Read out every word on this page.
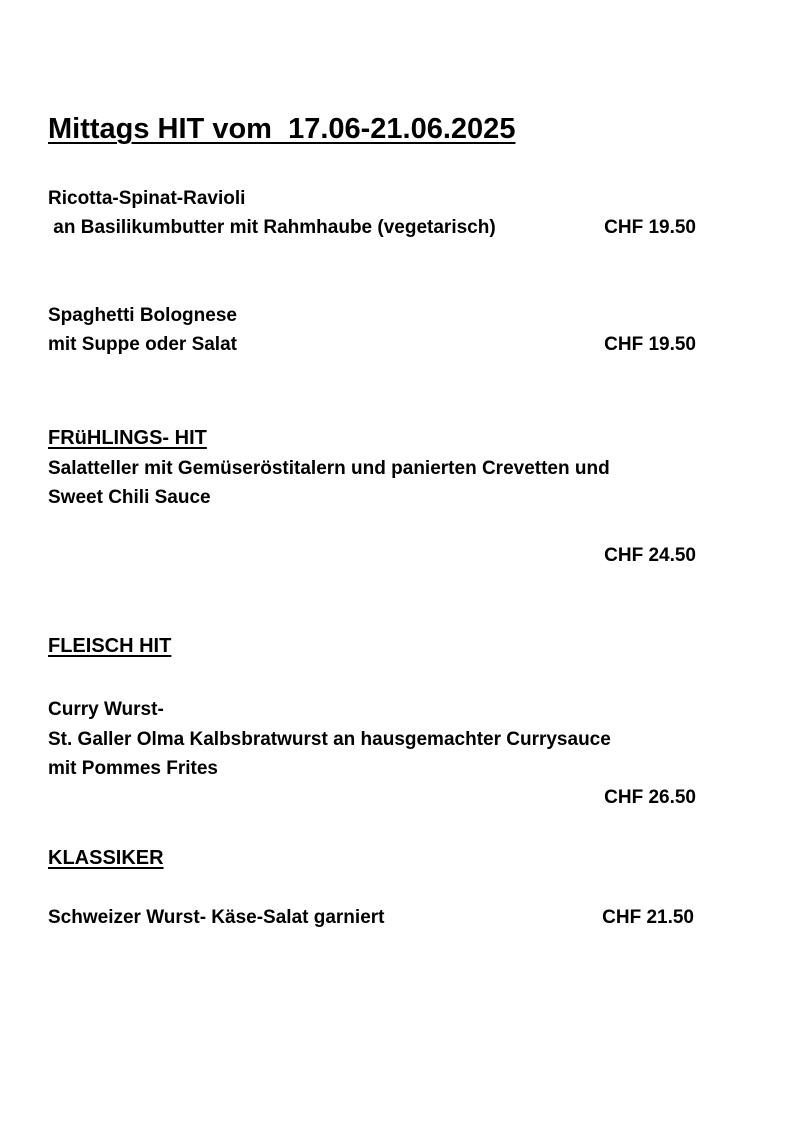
Mittags HIT vom  17.06-21.06.2025
Ricotta-Spinat-Ravioli
an Basilikumbutter mit Rahmhaube (vegetarisch)	CHF 19.50
Spaghetti Bolognese
mit Suppe oder Salat	CHF 19.50
FRüHLINGS- HIT
Salatteller mit Gemüseröstitalern und panierten Crevetten und
Sweet Chili Sauce
CHF 24.50
FLEISCH HIT
Curry Wurst-
St. Galler Olma Kalbsbratwurst an hausgemachter Currysauce
mit Pommes Frites
CHF 26.50
KLASSIKER
Schweizer Wurst- Käse-Salat garniert	CHF 21.50
